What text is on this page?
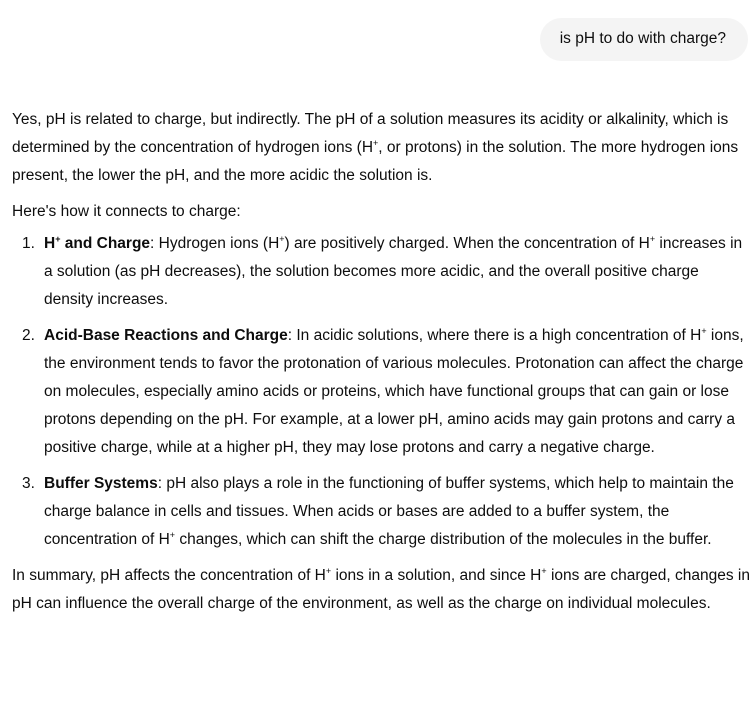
is pH to do with charge?

Yes, pH is related to charge, but indirectly. The pH of a solution measures its acidity or alkalinity, which is determined by the concentration of hydrogen ions (H+, or protons) in the solution. The more hydrogen ions present, the lower the pH, and the more acidic the solution is.

Here's how it connects to charge:

1. H+ and Charge: Hydrogen ions (H+) are positively charged. When the concentration of H+ increases in a solution (as pH decreases), the solution becomes more acidic, and the overall positive charge density increases.
2. Acid-Base Reactions and Charge: In acidic solutions, where there is a high concentration of H+ ions, the environment tends to favor the protonation of various molecules. Protonation can affect the charge on molecules, especially amino acids or proteins, which have functional groups that can gain or lose protons depending on the pH. For example, at a lower pH, amino acids may gain protons and carry a positive charge, while at a higher pH, they may lose protons and carry a negative charge.
3. Buffer Systems: pH also plays a role in the functioning of buffer systems, which help to maintain the charge balance in cells and tissues. When acids or bases are added to a buffer system, the concentration of H+ changes, which can shift the charge distribution of the molecules in the buffer.

In summary, pH affects the concentration of H+ ions in a solution, and since H+ ions are charged, changes in pH can influence the overall charge of the environment, as well as the charge on individual molecules.
